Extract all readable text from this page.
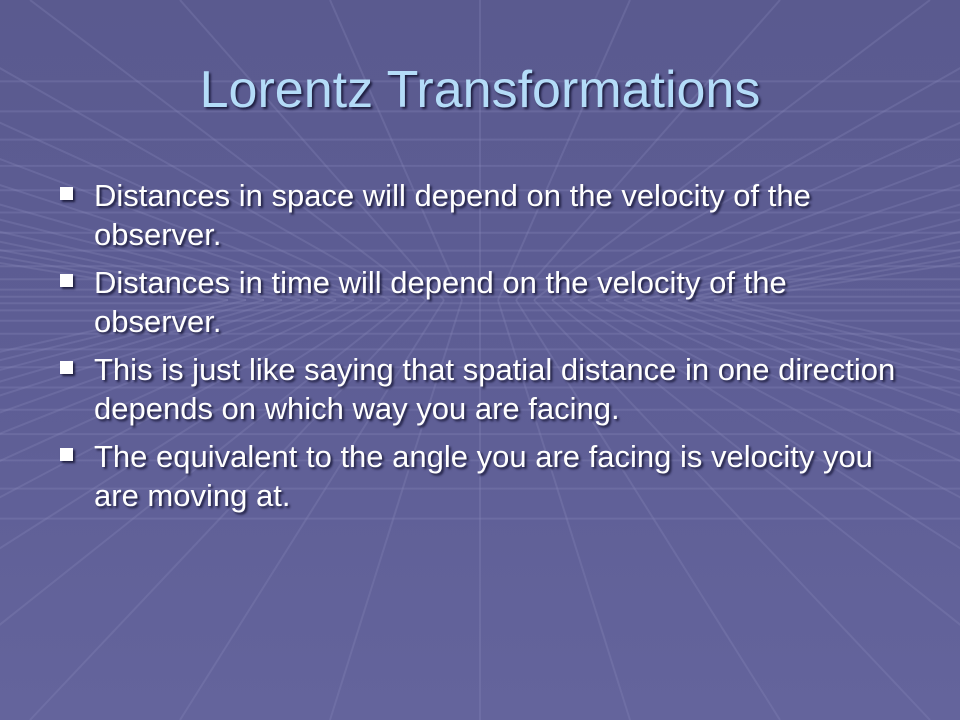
Lorentz Transformations
Distances in space will depend on the velocity of the observer.
Distances in time will depend on the velocity of the observer.
This is just like saying that spatial distance in one direction depends on which way you are facing.
The equivalent to the angle you are facing is velocity you are moving at.
